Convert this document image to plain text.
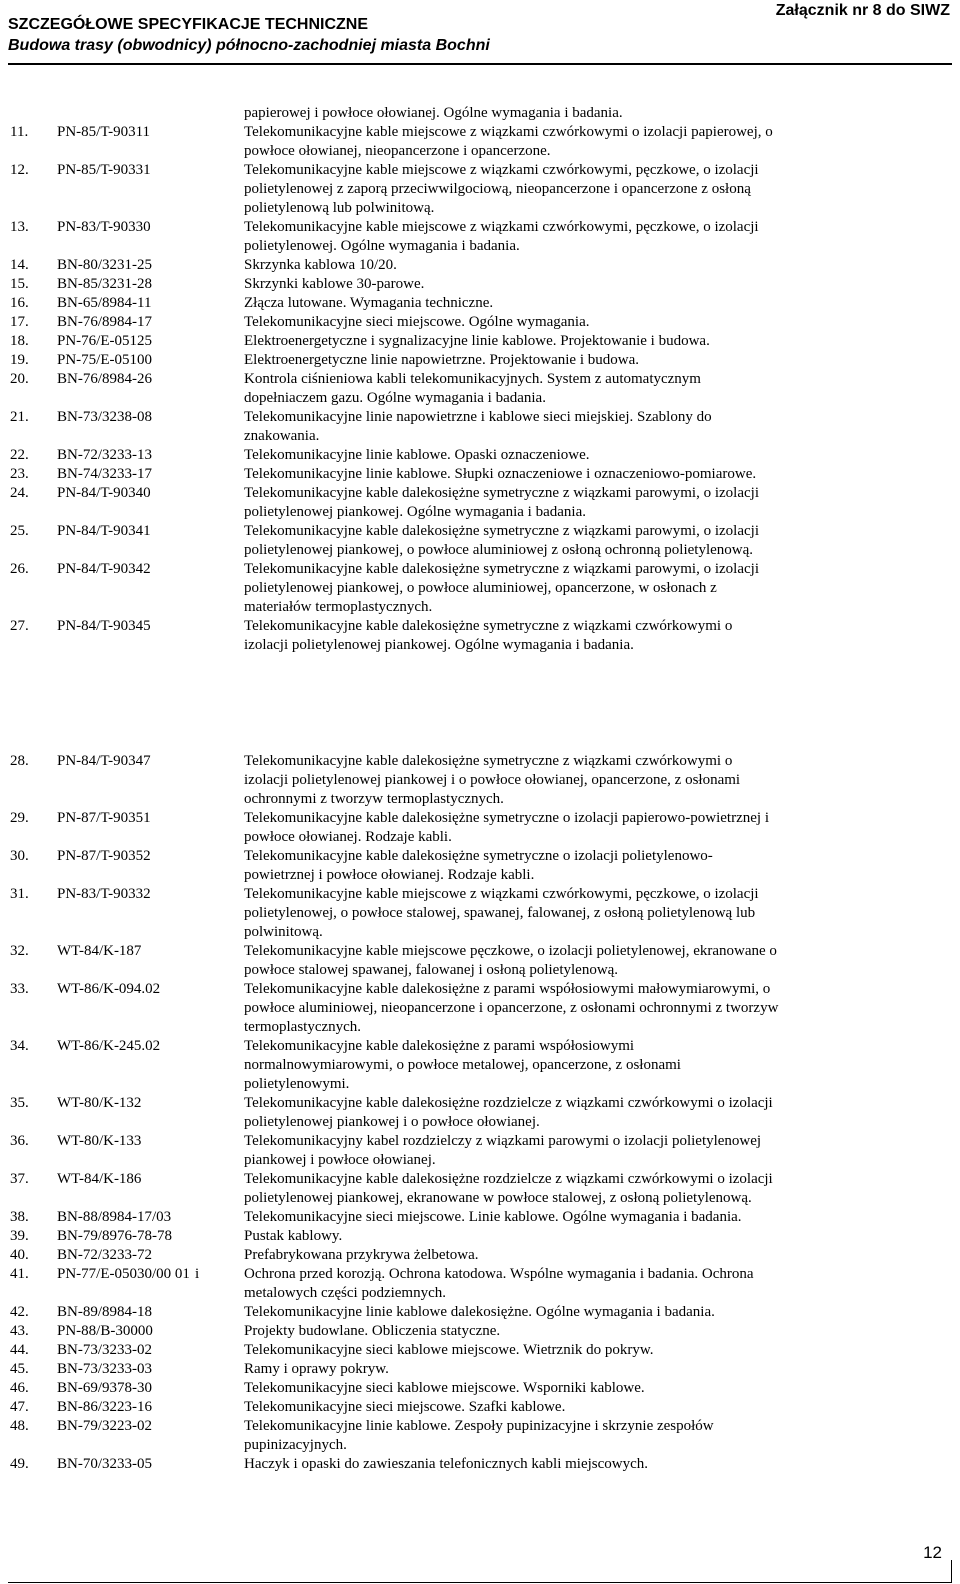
SZCZEGÓŁOWE SPECYFIKACJE TECHNICZNE
Budowa trasy (obwodnicy) północno-zachodniej miasta Bochni
Załącznik nr 8 do SIWZ
papierowej i powłoce ołowianej. Ogólne wymagania i badania.
11. PN-85/T-90311	Telekomunikacyjne kable miejscowe z wiązkami czwórkowymi o izolacji papierowej, o powłoce ołowianej, nieopancerzone i opancerzone.
12. PN-85/T-90331	Telekomunikacyjne kable miejscowe z wiązkami czwórkowymi, pęczkowe, o izolacji polietylenowej z zaporą przeciwwilgociową, nieopancerzone i opancerzone z osłoną polietylenową lub polwinitową.
13. PN-83/T-90330	Telekomunikacyjne kable miejscowe z wiązkami czwórkowymi, pęczkowe, o izolacji polietylenowej. Ogólne wymagania i badania.
14. BN-80/3231-25	Skrzynka kablowa 10/20.
15. BN-85/3231-28	Skrzynki kablowe 30-parowe.
16. BN-65/8984-11	Złącza lutowane. Wymagania techniczne.
17. BN-76/8984-17	Telekomunikacyjne sieci miejscowe. Ogólne wymagania.
18. PN-76/E-05125	Elektroenergetyczne i sygnalizacyjne linie kablowe. Projektowanie i budowa.
19. PN-75/E-05100	Elektroenergetyczne linie napowietrzne. Projektowanie i budowa.
20. BN-76/8984-26	Kontrola ciśnieniowa kabli telekomunikacyjnych. System z automatycznym dopełniaczem gazu. Ogólne wymagania i badania.
21. BN-73/3238-08	Telekomunikacyjne linie napowietrzne i kablowe sieci miejskiej. Szablony do znakowania.
22. BN-72/3233-13	Telekomunikacyjne linie kablowe. Opaski oznaczeniowe.
23. BN-74/3233-17	Telekomunikacyjne linie kablowe. Słupki oznaczeniowe i oznaczeniowo-pomiarowe.
24. PN-84/T-90340	Telekomunikacyjne kable dalekosiężne symetryczne z wiązkami parowymi, o izolacji polietylenowej piankowej. Ogólne wymagania i badania.
25. PN-84/T-90341	Telekomunikacyjne kable dalekosiężne symetryczne z wiązkami parowymi, o izolacji polietylenowej piankowej, o powłoce aluminiowej z osłoną ochronną polietylenową.
26. PN-84/T-90342	Telekomunikacyjne kable dalekosiężne symetryczne z wiązkami parowymi, o izolacji polietylenowej piankowej, o powłoce aluminiowej, opancerzone, w osłonach z materiałów termoplastycznych.
27. PN-84/T-90345	Telekomunikacyjne kable dalekosiężne symetryczne z wiązkami czwórkowymi o izolacji polietylenowej piankowej. Ogólne wymagania i badania.
28. PN-84/T-90347	Telekomunikacyjne kable dalekosiężne symetryczne z wiązkami czwórkowymi o izolacji polietylenowej piankowej i o powłoce ołowianej, opancerzone, z osłonami ochronnymi z tworzyw termoplastycznych.
29. PN-87/T-90351	Telekomunikacyjne kable dalekosiężne symetryczne o izolacji papierowo-powietrznej i powłoce ołowianej. Rodzaje kabli.
30. PN-87/T-90352	Telekomunikacyjne kable dalekosiężne symetryczne o izolacji polietylenowo-powietrznej i powłoce ołowianej. Rodzaje kabli.
31. PN-83/T-90332	Telekomunikacyjne kable miejscowe z wiązkami czwórkowymi, pęczkowe, o izolacji polietylenowej, o powłoce stalowej, spawanej, falowanej, z osłoną polietylenową lub polwinitową.
32. WT-84/K-187	Telekomunikacyjne kable miejscowe pęczkowe, o izolacji polietylenowej, ekranowane o powłoce stalowej spawanej, falowanej i osłoną polietylenową.
33. WT-86/K-094.02	Telekomunikacyjne kable dalekosiężne z parami współosiowymi małowymiarowymi, o powłoce aluminiowej, nieopancerzone i opancerzone, z osłonami ochronnymi z tworzyw termoplastycznych.
34. WT-86/K-245.02	Telekomunikacyjne kable dalekosiężne z parami współosiowymi normalnowymiarowymi, o powłoce metalowej, opancerzone, z osłonami polietylenowymi.
35. WT-80/K-132	Telekomunikacyjne kable dalekosiężne rozdzielcze z wiązkami czwórkowymi o izolacji polietylenowej piankowej i o powłoce ołowianej.
36. WT-80/K-133	Telekomunikacyjny kabel rozdzielczy z wiązkami parowymi o izolacji polietylenowej piankowej i powłoce ołowianej.
37. WT-84/K-186	Telekomunikacyjne kable dalekosiężne rozdzielcze z wiązkami czwórkowymi o izolacji polietylenowej piankowej, ekranowane w powłoce stalowej, z osłoną polietylenową.
38. BN-88/8984-17/03	Telekomunikacyjne sieci miejscowe. Linie kablowe. Ogólne wymagania i badania.
39. BN-79/8976-78-78	Pustak kablowy.
40. BN-72/3233-72	Prefabrykowana przykrywa żelbetowa.
41. PN-77/E-05030/00 01 i	Ochrona przed korozją. Ochrona katodowa. Wspólne wymagania i badania. Ochrona metalowych części podziemnych.
42. BN-89/8984-18	Telekomunikacyjne linie kablowe dalekosiężne. Ogólne wymagania i badania.
43. PN-88/B-30000	Projekty budowlane. Obliczenia statyczne.
44. BN-73/3233-02	Telekomunikacyjne sieci kablowe miejscowe. Wietrznik do pokryw.
45. BN-73/3233-03	Ramy i oprawy pokryw.
46. BN-69/9378-30	Telekomunikacyjne sieci kablowe miejscowe. Wsporniki kablowe.
47. BN-86/3223-16	Telekomunikacyjne sieci miejscowe. Szafki kablowe.
48. BN-79/3223-02	Telekomunikacyjne linie kablowe. Zespoły pupinizacyjne i skrzynie zespołów pupinizacyjnych.
49. BN-70/3233-05	Haczyk i opaski do zawieszania telefonicznych kabli miejscowych.
12
